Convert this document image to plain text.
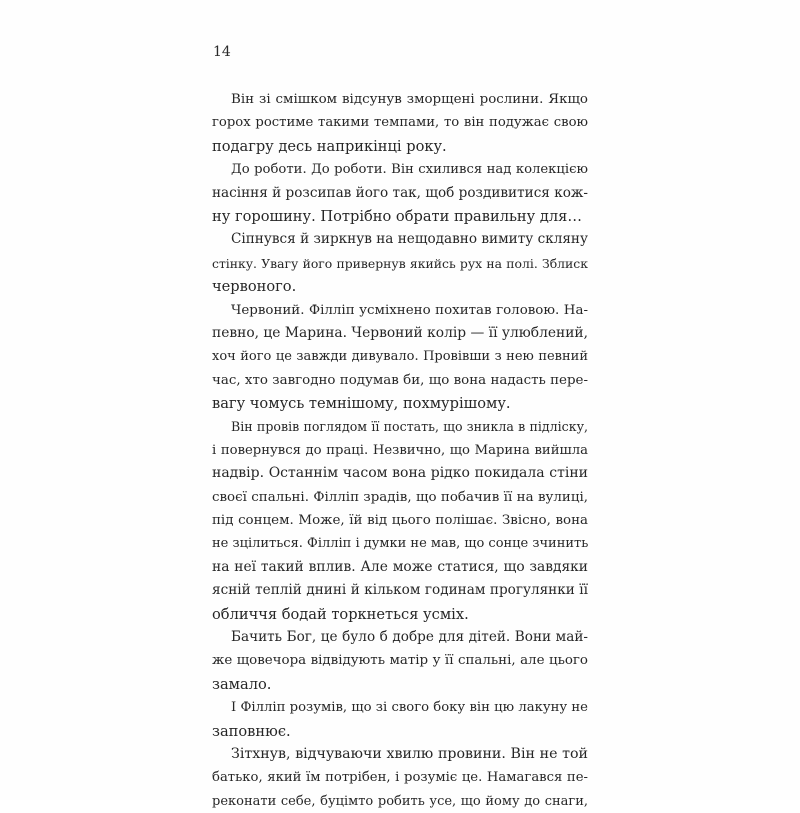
14
Він зі смішком відсунув зморщені рослини. Якщо
горох ростиме такими темпами, то він подужає свою
подагру десь наприкінці року.
До роботи. До роботи. Він схилився над колекцією
насіння й розсипав його так, щоб роздивитися кож-
ну горошину. Потрібно обрати правильну для…
Сіпнувся й зиркнув на нещодавно вимиту скляну
стінку. Увагу його привернув якийсь рух на полі. Зблиск
червоного.
Червоний. Філліп усміхнено похитав головою. На-
певно, це Марина. Червоний колір — її улюблений,
хоч його це завжди дивувало. Провівши з нею певний
час, хто завгодно подумав би, що вона надасть пере-
вагу чомусь темнішому, похмурішому.
Він провів поглядом її постать, що зникла в підліску,
і повернувся до праці. Незвично, що Марина вийшла
надвір. Останнім часом вона рідко покидала стіни
своєї спальні. Філліп зрадів, що побачив її на вулиці,
під сонцем. Може, їй від цього полішає. Звісно, вона
не зцілиться. Філліп і думки не мав, що сонце зчинить
на неї такий вплив. Але може статися, що завдяки
ясній теплій днині й кільком годинам прогулянки її
обличчя бодай торкнеться усміх.
Бачить Бог, це було б добре для дітей. Вони май-
же щовечора відвідують матір у її спальні, але цього
замало.
І Філліп розумів, що зі свого боку він цю лакуну не
заповнює.
Зітхнув, відчуваючи хвилю провини. Він не той
батько, який їм потрібен, і розуміє це. Намагався пе-
реконати себе, буцімто робить усе, що йому до снаги,
